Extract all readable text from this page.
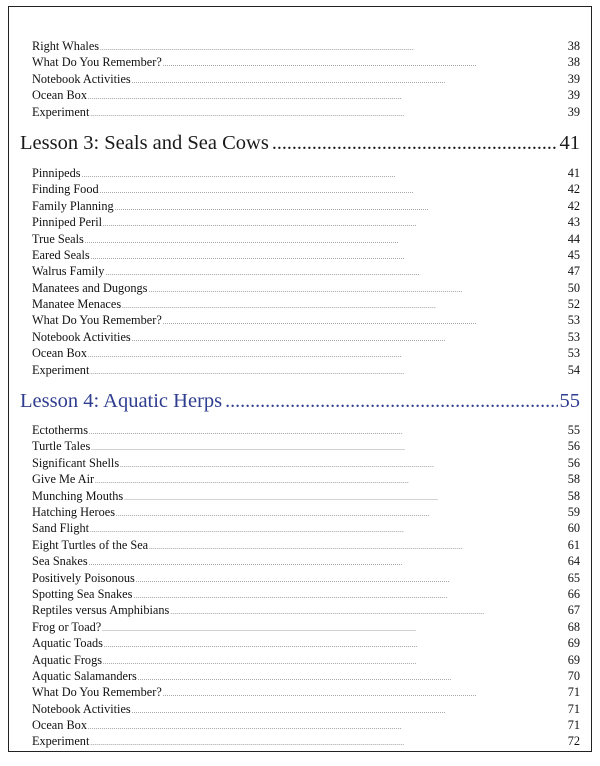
Right Whales . . .	38
What Do You Remember? . . .	38
Notebook Activities . . .	39
Ocean Box . . .	39
Experiment . . .	39
Lesson 3: Seals and Sea Cows .....	41
Pinnipeds . . .	41
Finding Food . . .	42
Family Planning . . .	42
Pinniped Peril . . .	43
True Seals . . .	44
Eared Seals . . .	45
Walrus Family . . .	47
Manatees and Dugongs . . .	50
Manatee Menaces . . .	52
What Do You Remember? . . .	53
Notebook Activities . . .	53
Ocean Box . . .	53
Experiment . . .	54
Lesson 4: Aquatic Herps .....	55
Ectotherms . . .	55
Turtle Tales . . .	56
Significant Shells . . .	56
Give Me Air . . .	58
Munching Mouths . . .	58
Hatching Heroes . . .	59
Sand Flight . . .	60
Eight Turtles of the Sea . . .	61
Sea Snakes . . .	64
Positively Poisonous . . .	65
Spotting Sea Snakes . . .	66
Reptiles versus Amphibians . . .	67
Frog or Toad? . . .	68
Aquatic Toads . . .	69
Aquatic Frogs . . .	69
Aquatic Salamanders . . .	70
What Do You Remember? . . .	71
Notebook Activities . . .	71
Ocean Box . . .	71
Experiment . . .	72
